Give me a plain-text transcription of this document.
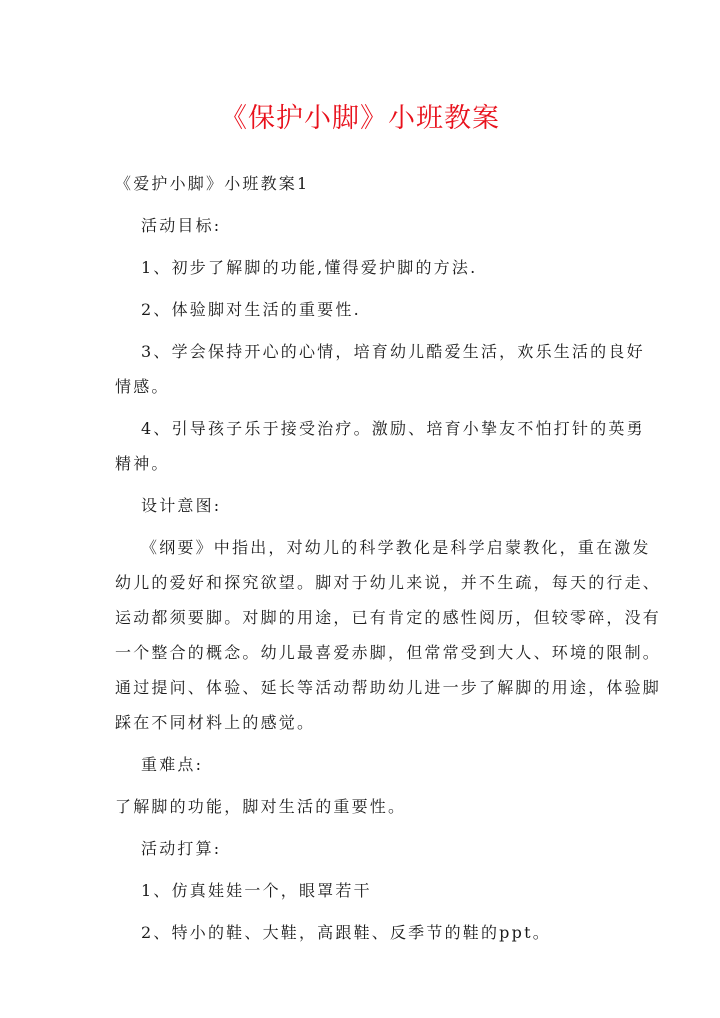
《保护小脚》小班教案
《爱护小脚》小班教案1
活动目标:
1、初步了解脚的功能,懂得爱护脚的方法.
2、体验脚对生活的重要性.
3、学会保持开心的心情，培育幼儿酷爱生活，欢乐生活的良好
情感。
4、引导孩子乐于接受治疗。激励、培育小挚友不怕打针的英勇
精神。
设计意图:
《纲要》中指出，对幼儿的科学教化是科学启蒙教化，重在激发
幼儿的爱好和探究欲望。脚对于幼儿来说，并不生疏，每天的行走、
运动都须要脚。对脚的用途，已有肯定的感性阅历，但较零碎，没有
一个整合的概念。幼儿最喜爱赤脚，但常常受到大人、环境的限制。
通过提问、体验、延长等活动帮助幼儿进一步了解脚的用途，体验脚
踩在不同材料上的感觉。
重难点:
了解脚的功能，脚对生活的重要性。
活动打算:
1、仿真娃娃一个，眼罩若干
2、特小的鞋、大鞋，高跟鞋、反季节的鞋的ppt。
